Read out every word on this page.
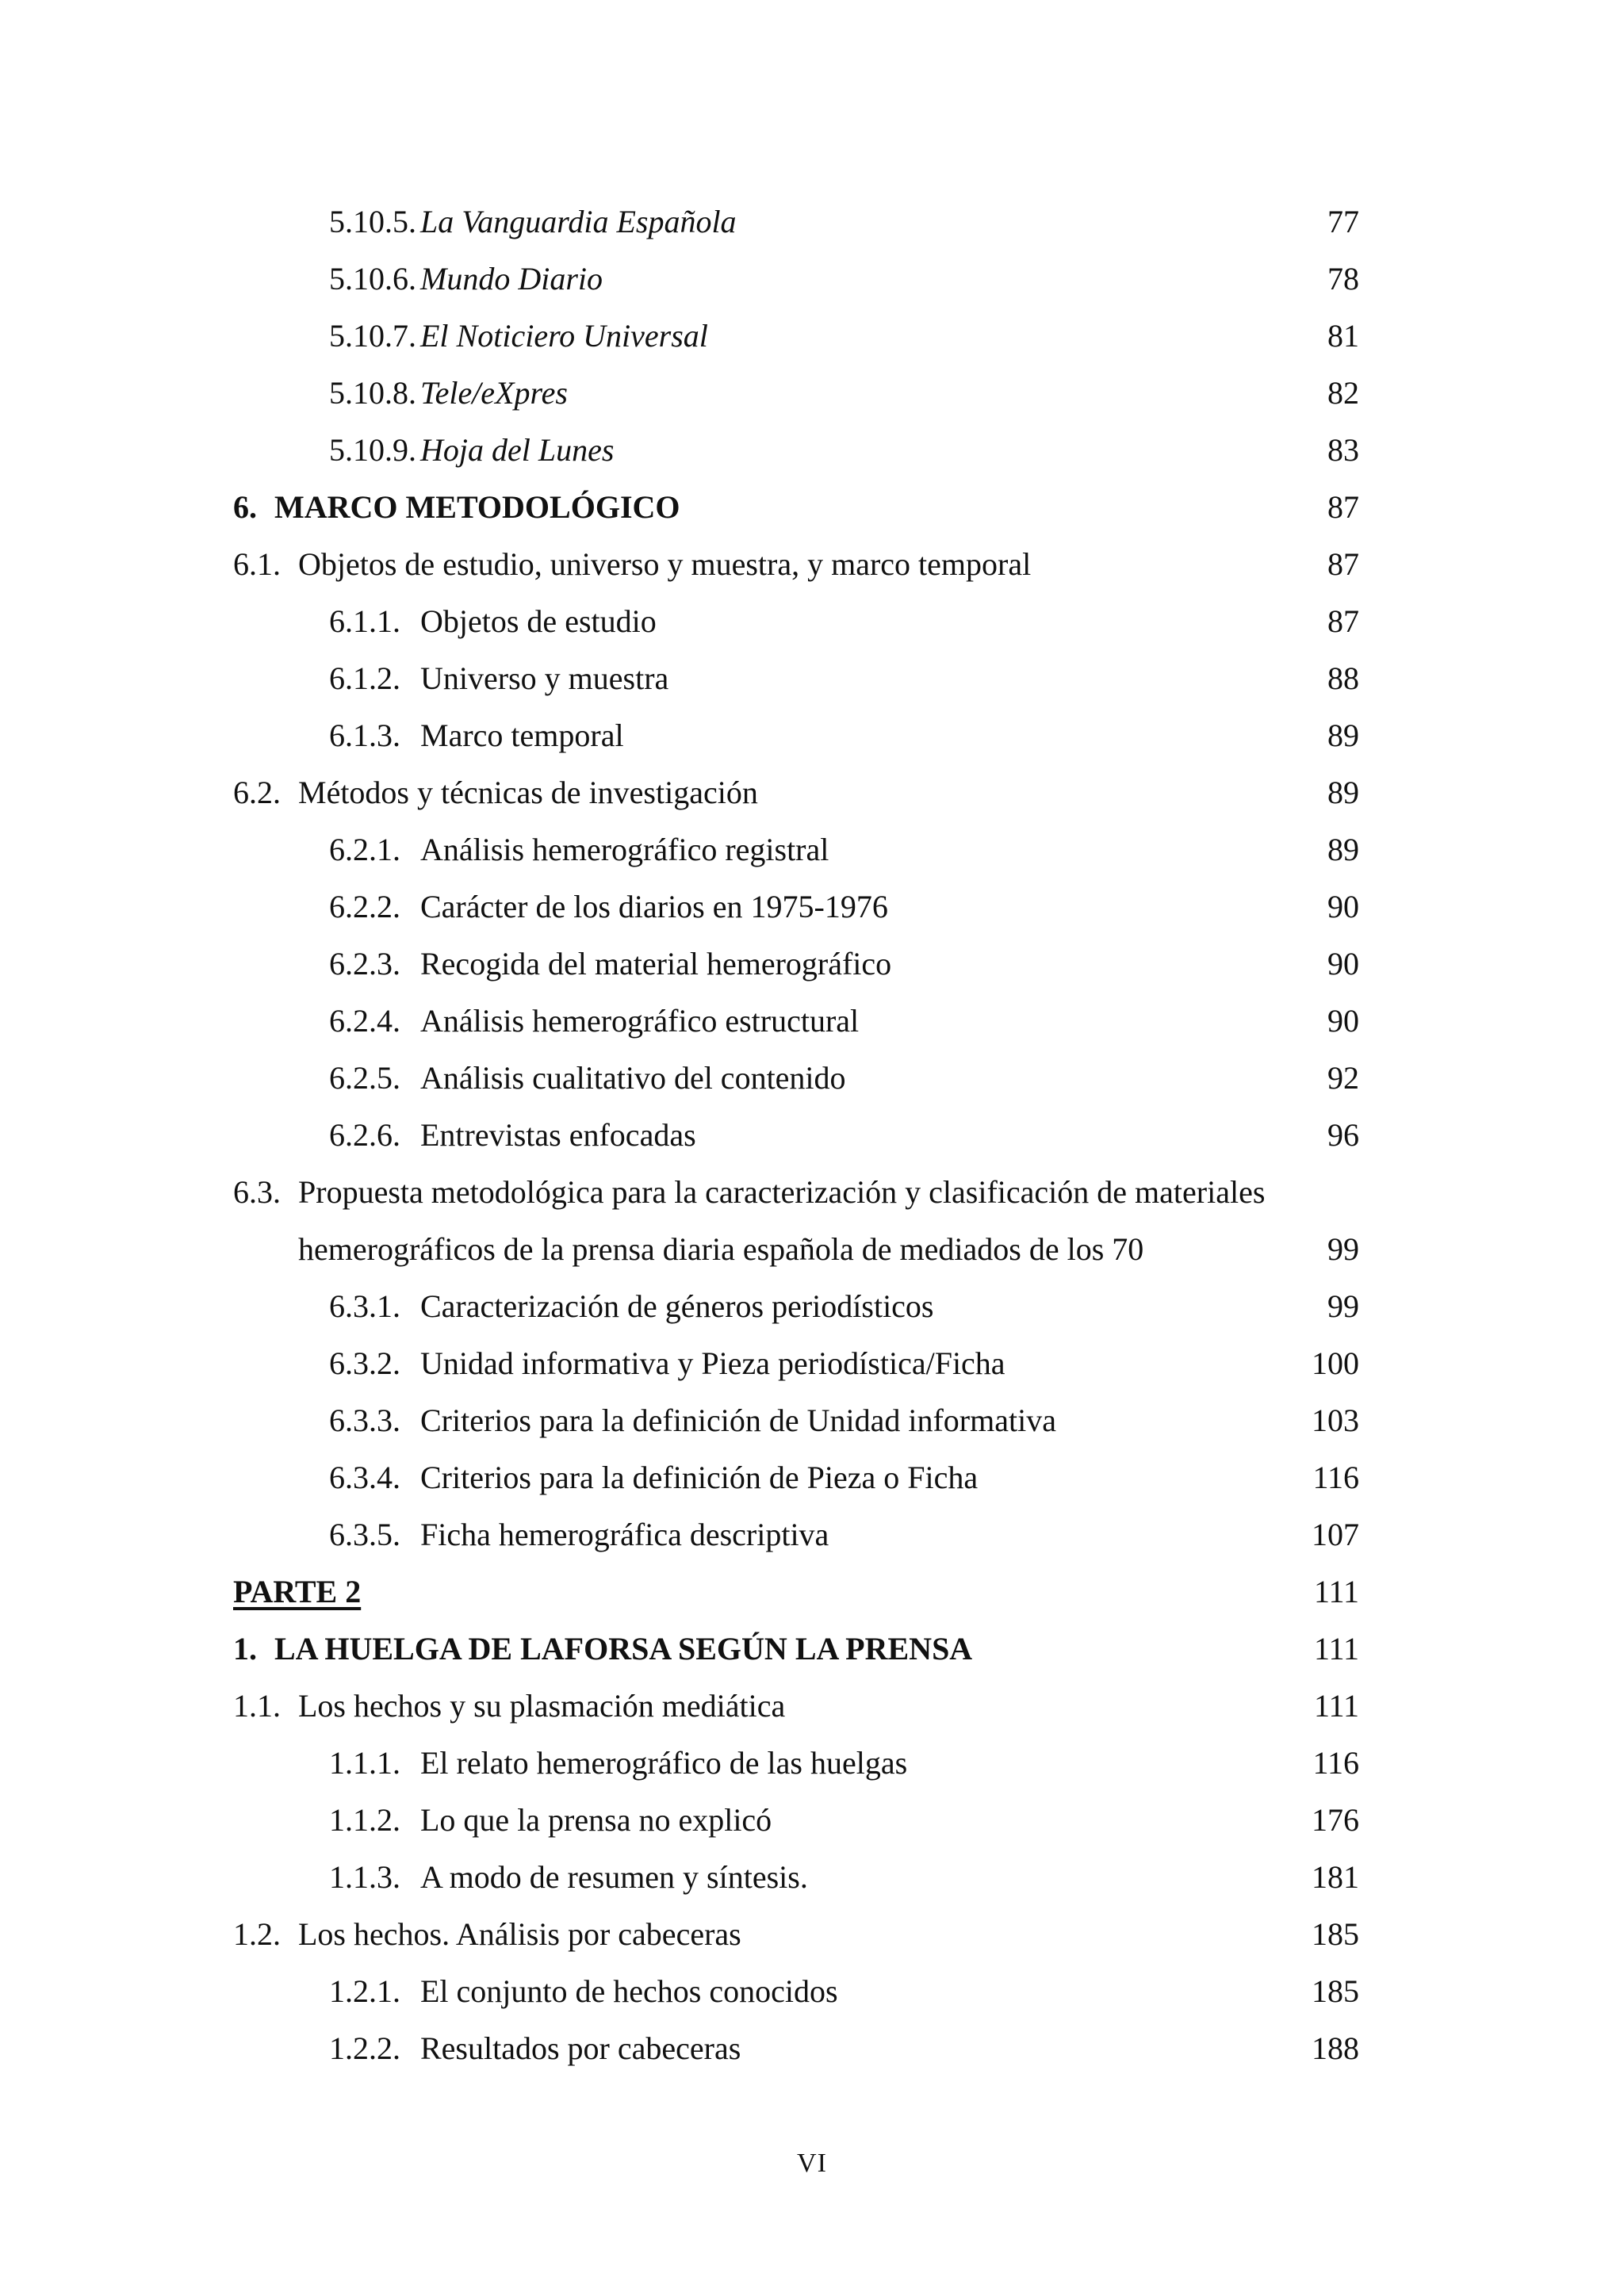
5.10.5. La Vanguardia Española	77
5.10.6. Mundo Diario	78
5.10.7. El Noticiero Universal	81
5.10.8. Tele/eXpres	82
5.10.9. Hoja del Lunes	83
6. MARCO METODOLÓGICO	87
6.1. Objetos de estudio, universo y muestra, y marco temporal	87
6.1.1. Objetos de estudio	87
6.1.2. Universo y muestra	88
6.1.3. Marco temporal	89
6.2. Métodos y técnicas de investigación	89
6.2.1. Análisis hemerográfico registral	89
6.2.2. Carácter de los diarios en 1975-1976	90
6.2.3. Recogida del material hemerográfico	90
6.2.4. Análisis hemerográfico estructural	90
6.2.5. Análisis cualitativo del contenido	92
6.2.6. Entrevistas enfocadas	96
6.3. Propuesta metodológica para la caracterización y clasificación de materiales
hemerográficos de la prensa diaria española de mediados de los 70	99
6.3.1. Caracterización de géneros periodísticos	99
6.3.2. Unidad informativa y Pieza periodística/Ficha	100
6.3.3. Criterios para la definición de Unidad informativa	103
6.3.4. Criterios para la definición de Pieza o Ficha	116
6.3.5. Ficha hemerográfica descriptiva	107
PARTE 2	111
1. LA HUELGA DE LAFORSA SEGÚN LA PRENSA	111
1.1. Los hechos y su plasmación mediática	111
1.1.1. El relato hemerográfico de las huelgas	116
1.1.2. Lo que la prensa no explicó	176
1.1.3. A modo de resumen y síntesis.	181
1.2. Los hechos. Análisis por cabeceras	185
1.2.1. El conjunto de hechos conocidos	185
1.2.2. Resultados por cabeceras	188
VI
